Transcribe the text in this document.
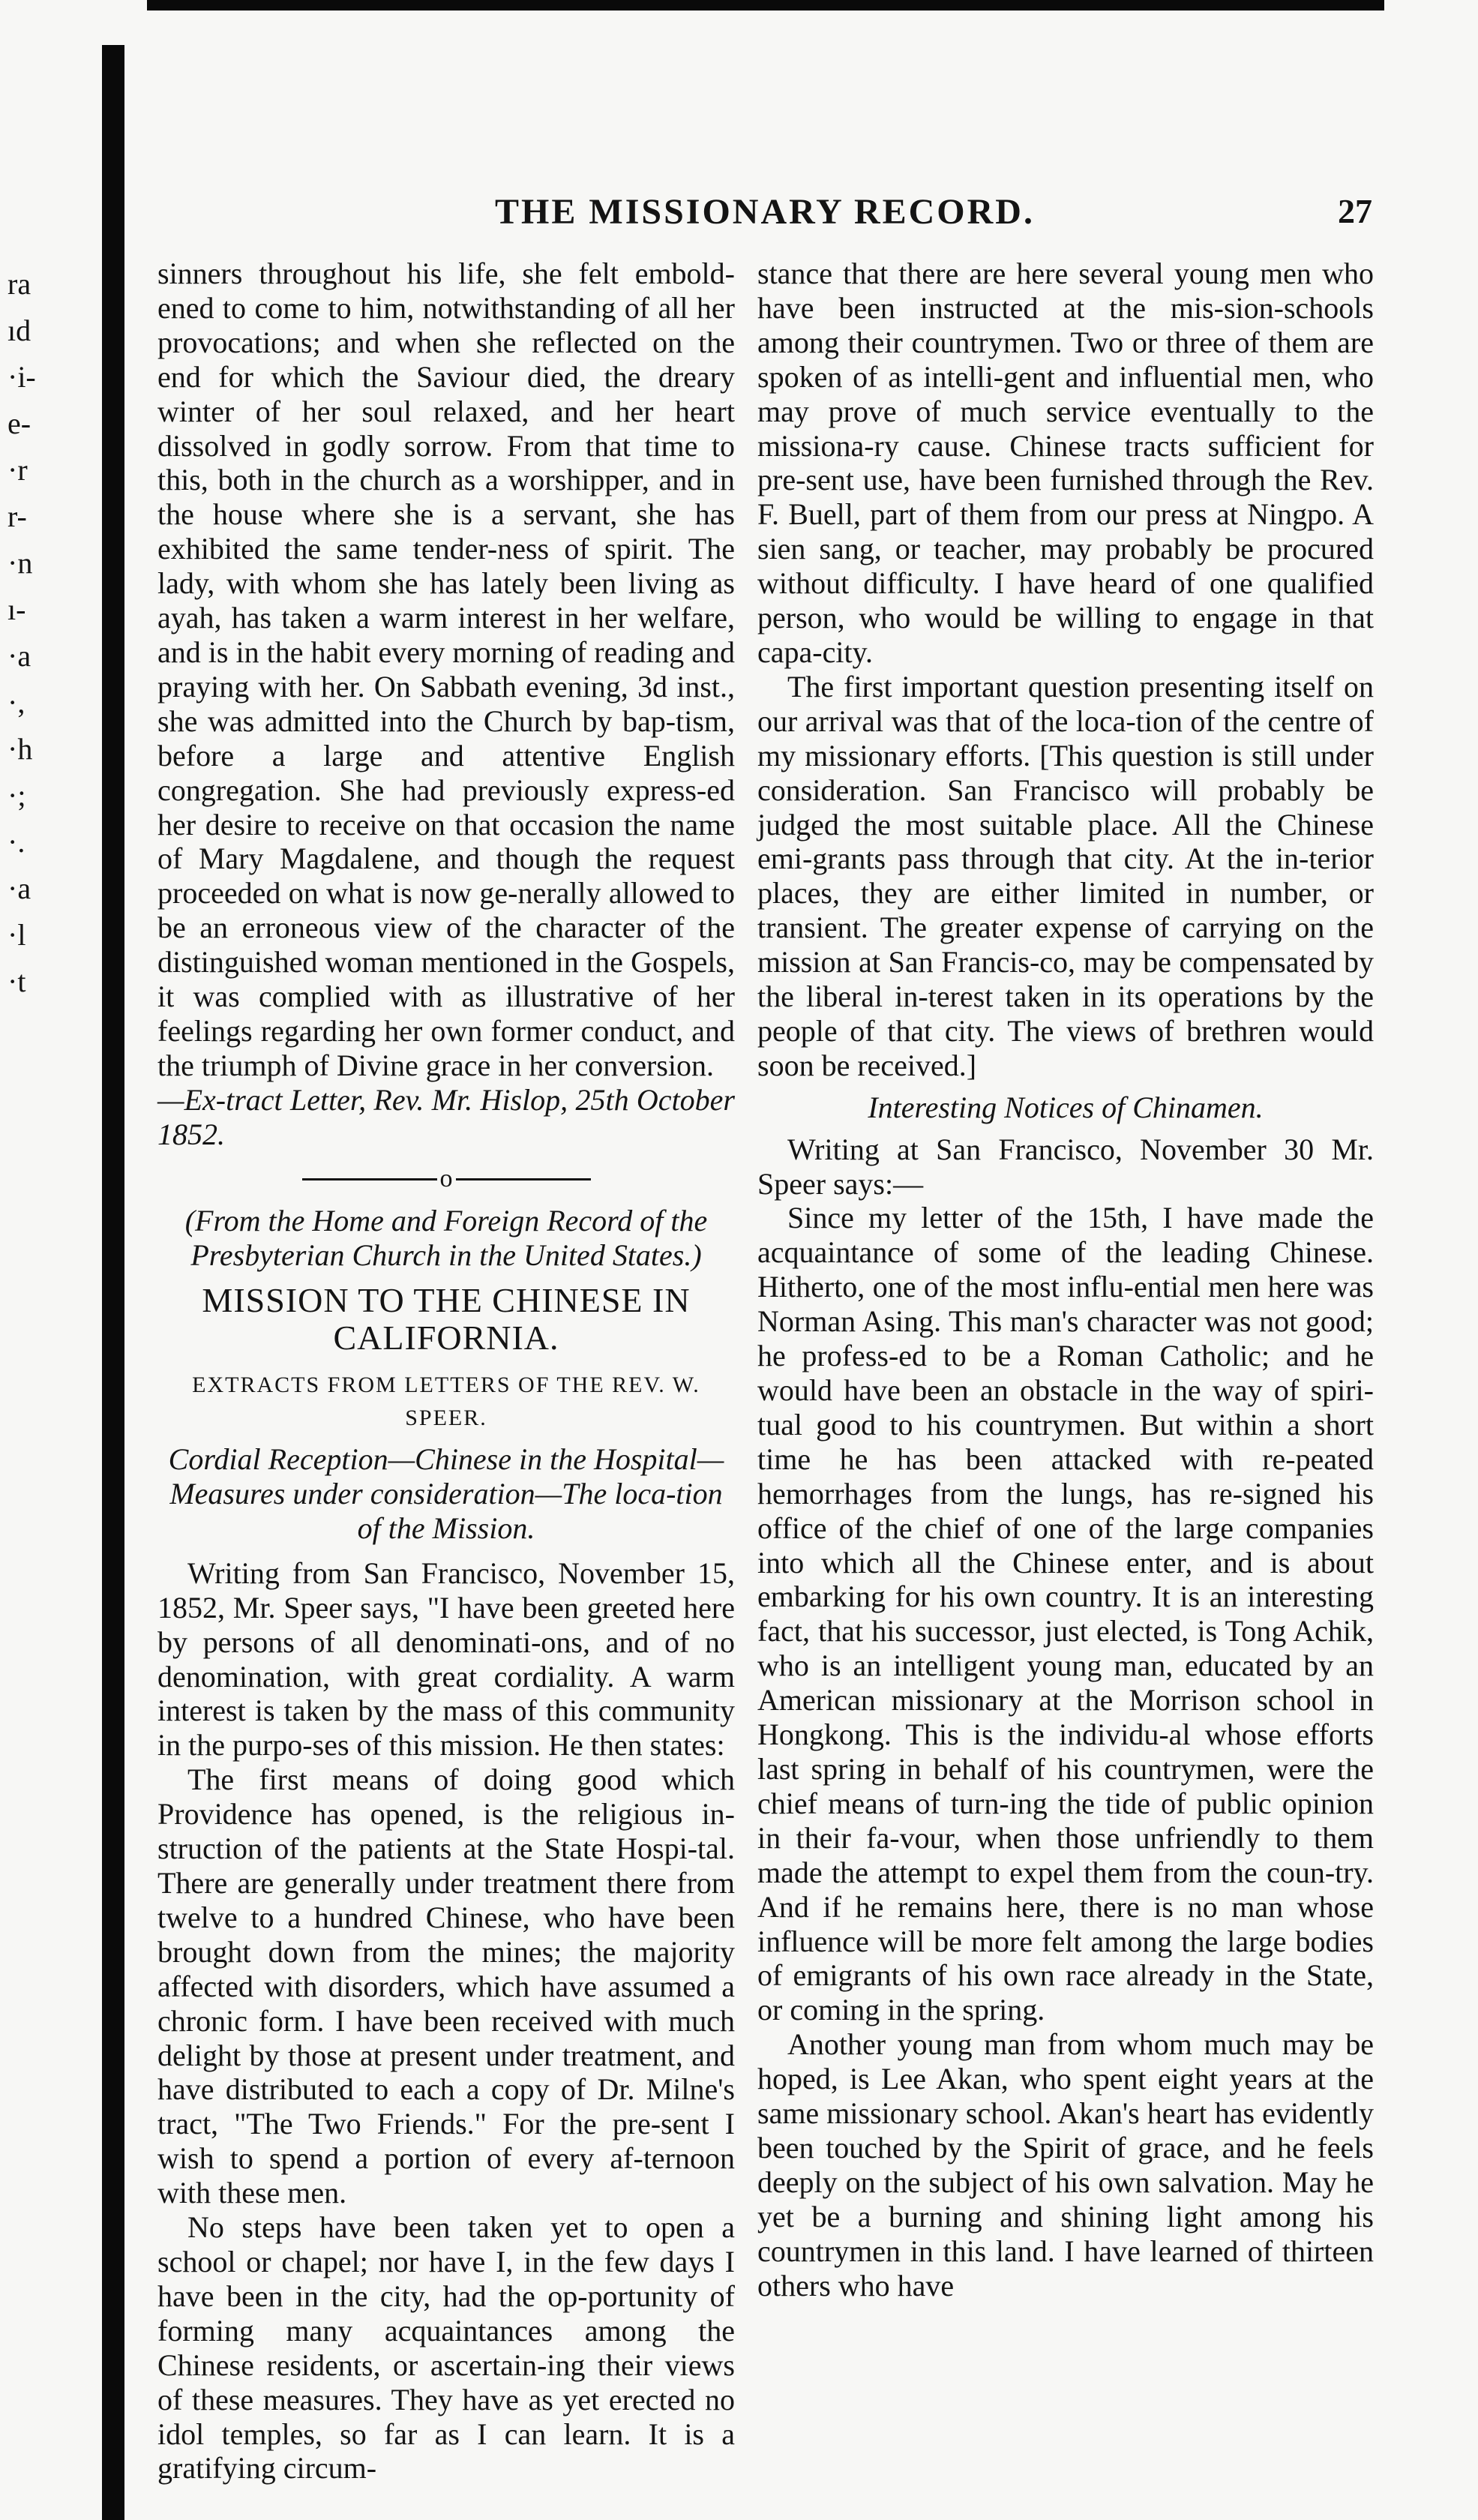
ra
ıd
·i-
e-
·r
r-
·n
ı-
·a
·,
·h
·;
·.
·a
·l
·t
THE MISSIONARY RECORD.	27

sinners throughout his life, she felt embold-ened to come to him, notwithstanding of all her provocations; and when she reflected on the end for which the Saviour died, the dreary winter of her soul relaxed, and her heart dissolved in godly sorrow. From that time to this, both in the church as a worshipper, and in the house where she is a servant, she has exhibited the same tender-ness of spirit. The lady, with whom she has lately been living as ayah, has taken a warm interest in her welfare, and is in the habit every morning of reading and praying with her. On Sabbath evening, 3d inst., she was admitted into the Church by bap-tism, before a large and attentive English congregation. She had previously express-ed her desire to receive on that occasion the name of Mary Magdalene, and though the request proceeded on what is now ge-nerally allowed to be an erroneous view of the character of the distinguished woman mentioned in the Gospels, it was complied with as illustrative of her feelings regarding her own former conduct, and the triumph of Divine grace in her conversion.

—Ex-tract Letter, Rev. Mr. Hislop, 25th October 1852.

o

(From the Home and Foreign Record of the Presbyterian Church in the United States.)

MISSION TO THE CHINESE IN CALIFORNIA.
EXTRACTS FROM LETTERS OF THE REV. W. SPEER.
Cordial Reception—Chinese in the Hospital—Measures under consideration—The loca-tion of the Mission.

Writing from San Francisco, November 15, 1852, Mr. Speer says, "I have been greeted here by persons of all denominati-ons, and of no denomination, with great cordiality. A warm interest is taken by the mass of this community in the purpo-ses of this mission. He then states:

The first means of doing good which Providence has opened, is the religious in-struction of the patients at the State Hospi-tal. There are generally under treatment there from twelve to a hundred Chinese, who have been brought down from the mines; the majority affected with disorders, which have assumed a chronic form. I have been received with much delight by those at present under treatment, and have distributed to each a copy of Dr. Milne's tract, "The Two Friends." For the pre-sent I wish to spend a portion of every af-ternoon with these men.

No steps have been taken yet to open a school or chapel; nor have I, in the few days I have been in the city, had the op-portunity of forming many acquaintances among the Chinese residents, or ascertain-ing their views of these measures. They have as yet erected no idol temples, so far as I can learn. It is a gratifying circum-

stance that there are here several young men who have been instructed at the mis-sion-schools among their countrymen. Two or three of them are spoken of as intelli-gent and influential men, who may prove of much service eventually to the missiona-ry cause. Chinese tracts sufficient for pre-sent use, have been furnished through the Rev. F. Buell, part of them from our press at Ningpo. A sien sang, or teacher, may probably be procured without difficulty. I have heard of one qualified person, who would be willing to engage in that capa-city.

The first important question presenting itself on our arrival was that of the loca-tion of the centre of my missionary efforts. [This question is still under consideration. San Francisco will probably be judged the most suitable place. All the Chinese emi-grants pass through that city. At the in-terior places, they are either limited in number, or transient. The greater expense of carrying on the mission at San Francis-co, may be compensated by the liberal in-terest taken in its operations by the people of that city. The views of brethren would soon be received.]

Interesting Notices of Chinamen.

Writing at San Francisco, November 30 Mr. Speer says:—

Since my letter of the 15th, I have made the acquaintance of some of the leading Chinese. Hitherto, one of the most influ-ential men here was Norman Asing. This man's character was not good; he profess-ed to be a Roman Catholic; and he would have been an obstacle in the way of spiri-tual good to his countrymen. But within a short time he has been attacked with re-peated hemorrhages from the lungs, has re-signed his office of the chief of one of the large companies into which all the Chinese enter, and is about embarking for his own country. It is an interesting fact, that his successor, just elected, is Tong Achik, who is an intelligent young man, educated by an American missionary at the Morrison school in Hongkong. This is the individu-al whose efforts last spring in behalf of his countrymen, were the chief means of turn-ing the tide of public opinion in their fa-vour, when those unfriendly to them made the attempt to expel them from the coun-try. And if he remains here, there is no man whose influence will be more felt among the large bodies of emigrants of his own race already in the State, or coming in the spring.

Another young man from whom much may be hoped, is Lee Akan, who spent eight years at the same missionary school. Akan's heart has evidently been touched by the Spirit of grace, and he feels deeply on the subject of his own salvation. May he yet be a burning and shining light among his countrymen in this land. I have learned of thirteen others who have
